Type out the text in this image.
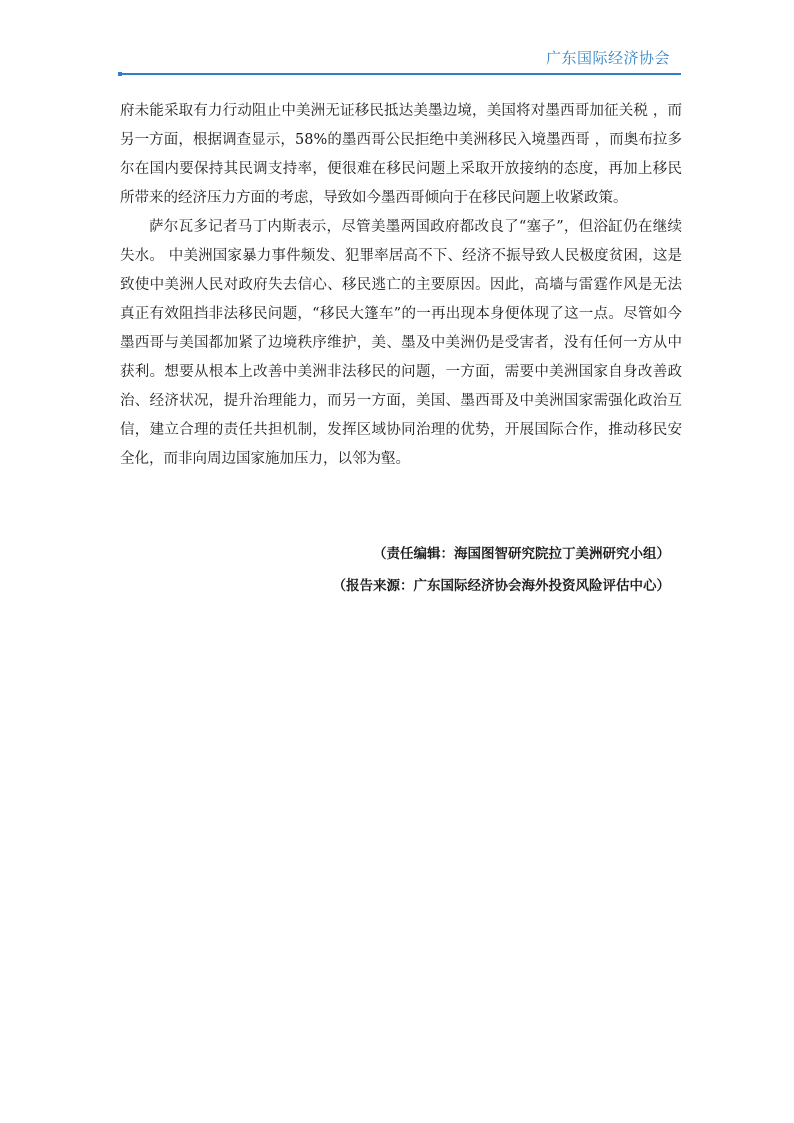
广东国际经济协会

府未能采取有力行动阻止中美洲无证移民抵达美墨边境，美国将对墨西哥加征关税 ，而另一方面，根据调查显示，58%的墨西哥公民拒绝中美洲移民入境墨西哥 ，而奥布拉多尔在国内要保持其民调支持率，便很难在移民问题上采取开放接纳的态度，再加上移民所带来的经济压力方面的考虑，导致如今墨西哥倾向于在移民问题上收紧政策。

萨尔瓦多记者马丁内斯表示，尽管美墨两国政府都改良了“塞子”，但浴缸仍在继续失水。 中美洲国家暴力事件频发、犯罪率居高不下、经济不振导致人民极度贫困，这是致使中美洲人民对政府失去信心、移民逃亡的主要原因。因此，高墙与雷霆作风是无法真正有效阻挡非法移民问题，“移民大篷车”的一再出现本身便体现了这一点。尽管如今墨西哥与美国都加紧了边境秩序维护，美、墨及中美洲仍是受害者，没有任何一方从中获利。想要从根本上改善中美洲非法移民的问题，一方面，需要中美洲国家自身改善政治、经济状况，提升治理能力，而另一方面，美国、墨西哥及中美洲国家需强化政治互信，建立合理的责任共担机制，发挥区域协同治理的优势，开展国际合作，推动移民安全化，而非向周边国家施加压力，以邻为壑。

（责任编辑：海国图智研究院拉丁美洲研究小组）
（报告来源：广东国际经济协会海外投资风险评估中心）
